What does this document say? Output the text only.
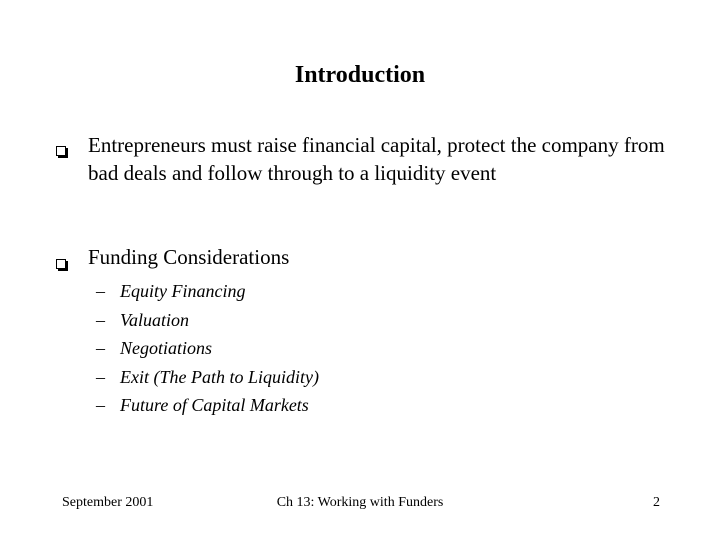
Introduction
Entrepreneurs must raise financial capital, protect the company from bad deals and follow through to a liquidity event
Funding Considerations
– Equity Financing
– Valuation
– Negotiations
– Exit (The Path to Liquidity)
– Future of Capital Markets
September 2001	Ch 13: Working with Funders	2
